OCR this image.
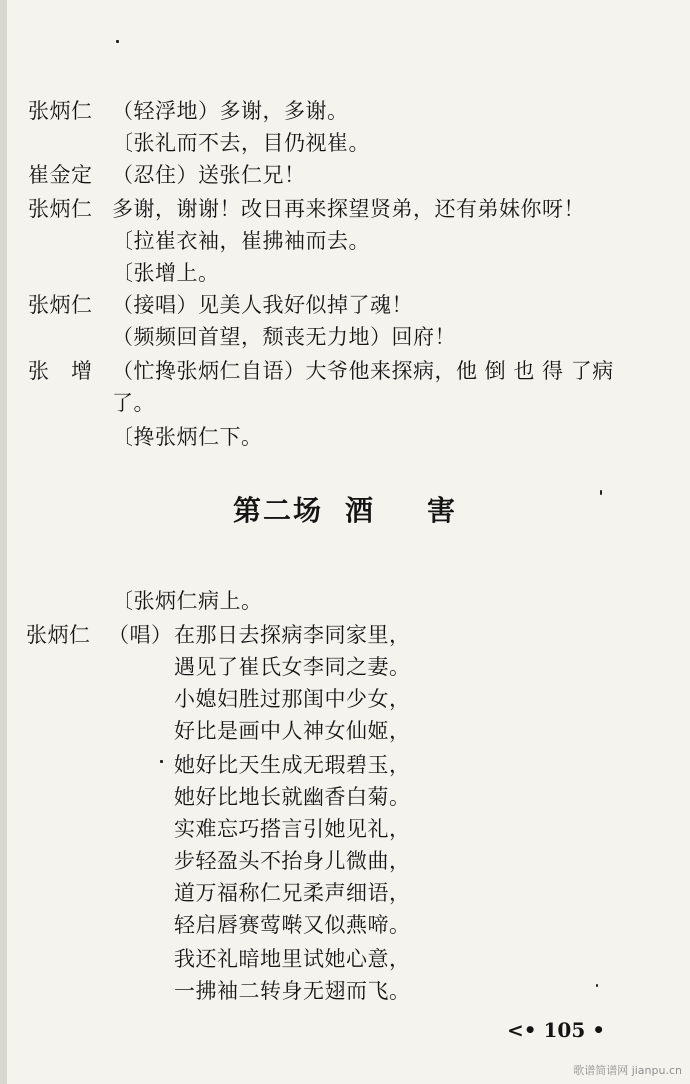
张炳仁 （轻浮地）多谢，多谢。
〔张礼而不去，目仍视崔。
崔金定 （忍住）送张仁兄！
张炳仁 多谢，谢谢！改日再来探望贤弟，还有弟妹你呀！
〔拉崔衣袖，崔拂袖而去。
〔张增上。
张炳仁 （接唱）见美人我好似掉了魂！
（频频回首望，颓丧无力地）回府！
张　增 （忙搀张炳仁自语）大爷他来探病，他 倒 也 得 了病
了。
〔搀张炳仁下。
第二场 酒 害
〔张炳仁病上。
张炳仁 （唱） 在那日去探病李同家里，
遇见了崔氏女李同之妻。
小媳妇胜过那闺中少女，
好比是画中人神女仙姬，
她好比天生成无瑕碧玉，
她好比地长就幽香白菊。
实难忘巧搭言引她见礼，
步轻盈头不抬身儿微曲，
道万福称仁兄柔声细语，
轻启唇赛莺啭又似燕啼。
我还礼暗地里试她心意，
一拂袖二转身无翅而飞。
<• 105 •
歌谱简谱网 jianpu.cn
